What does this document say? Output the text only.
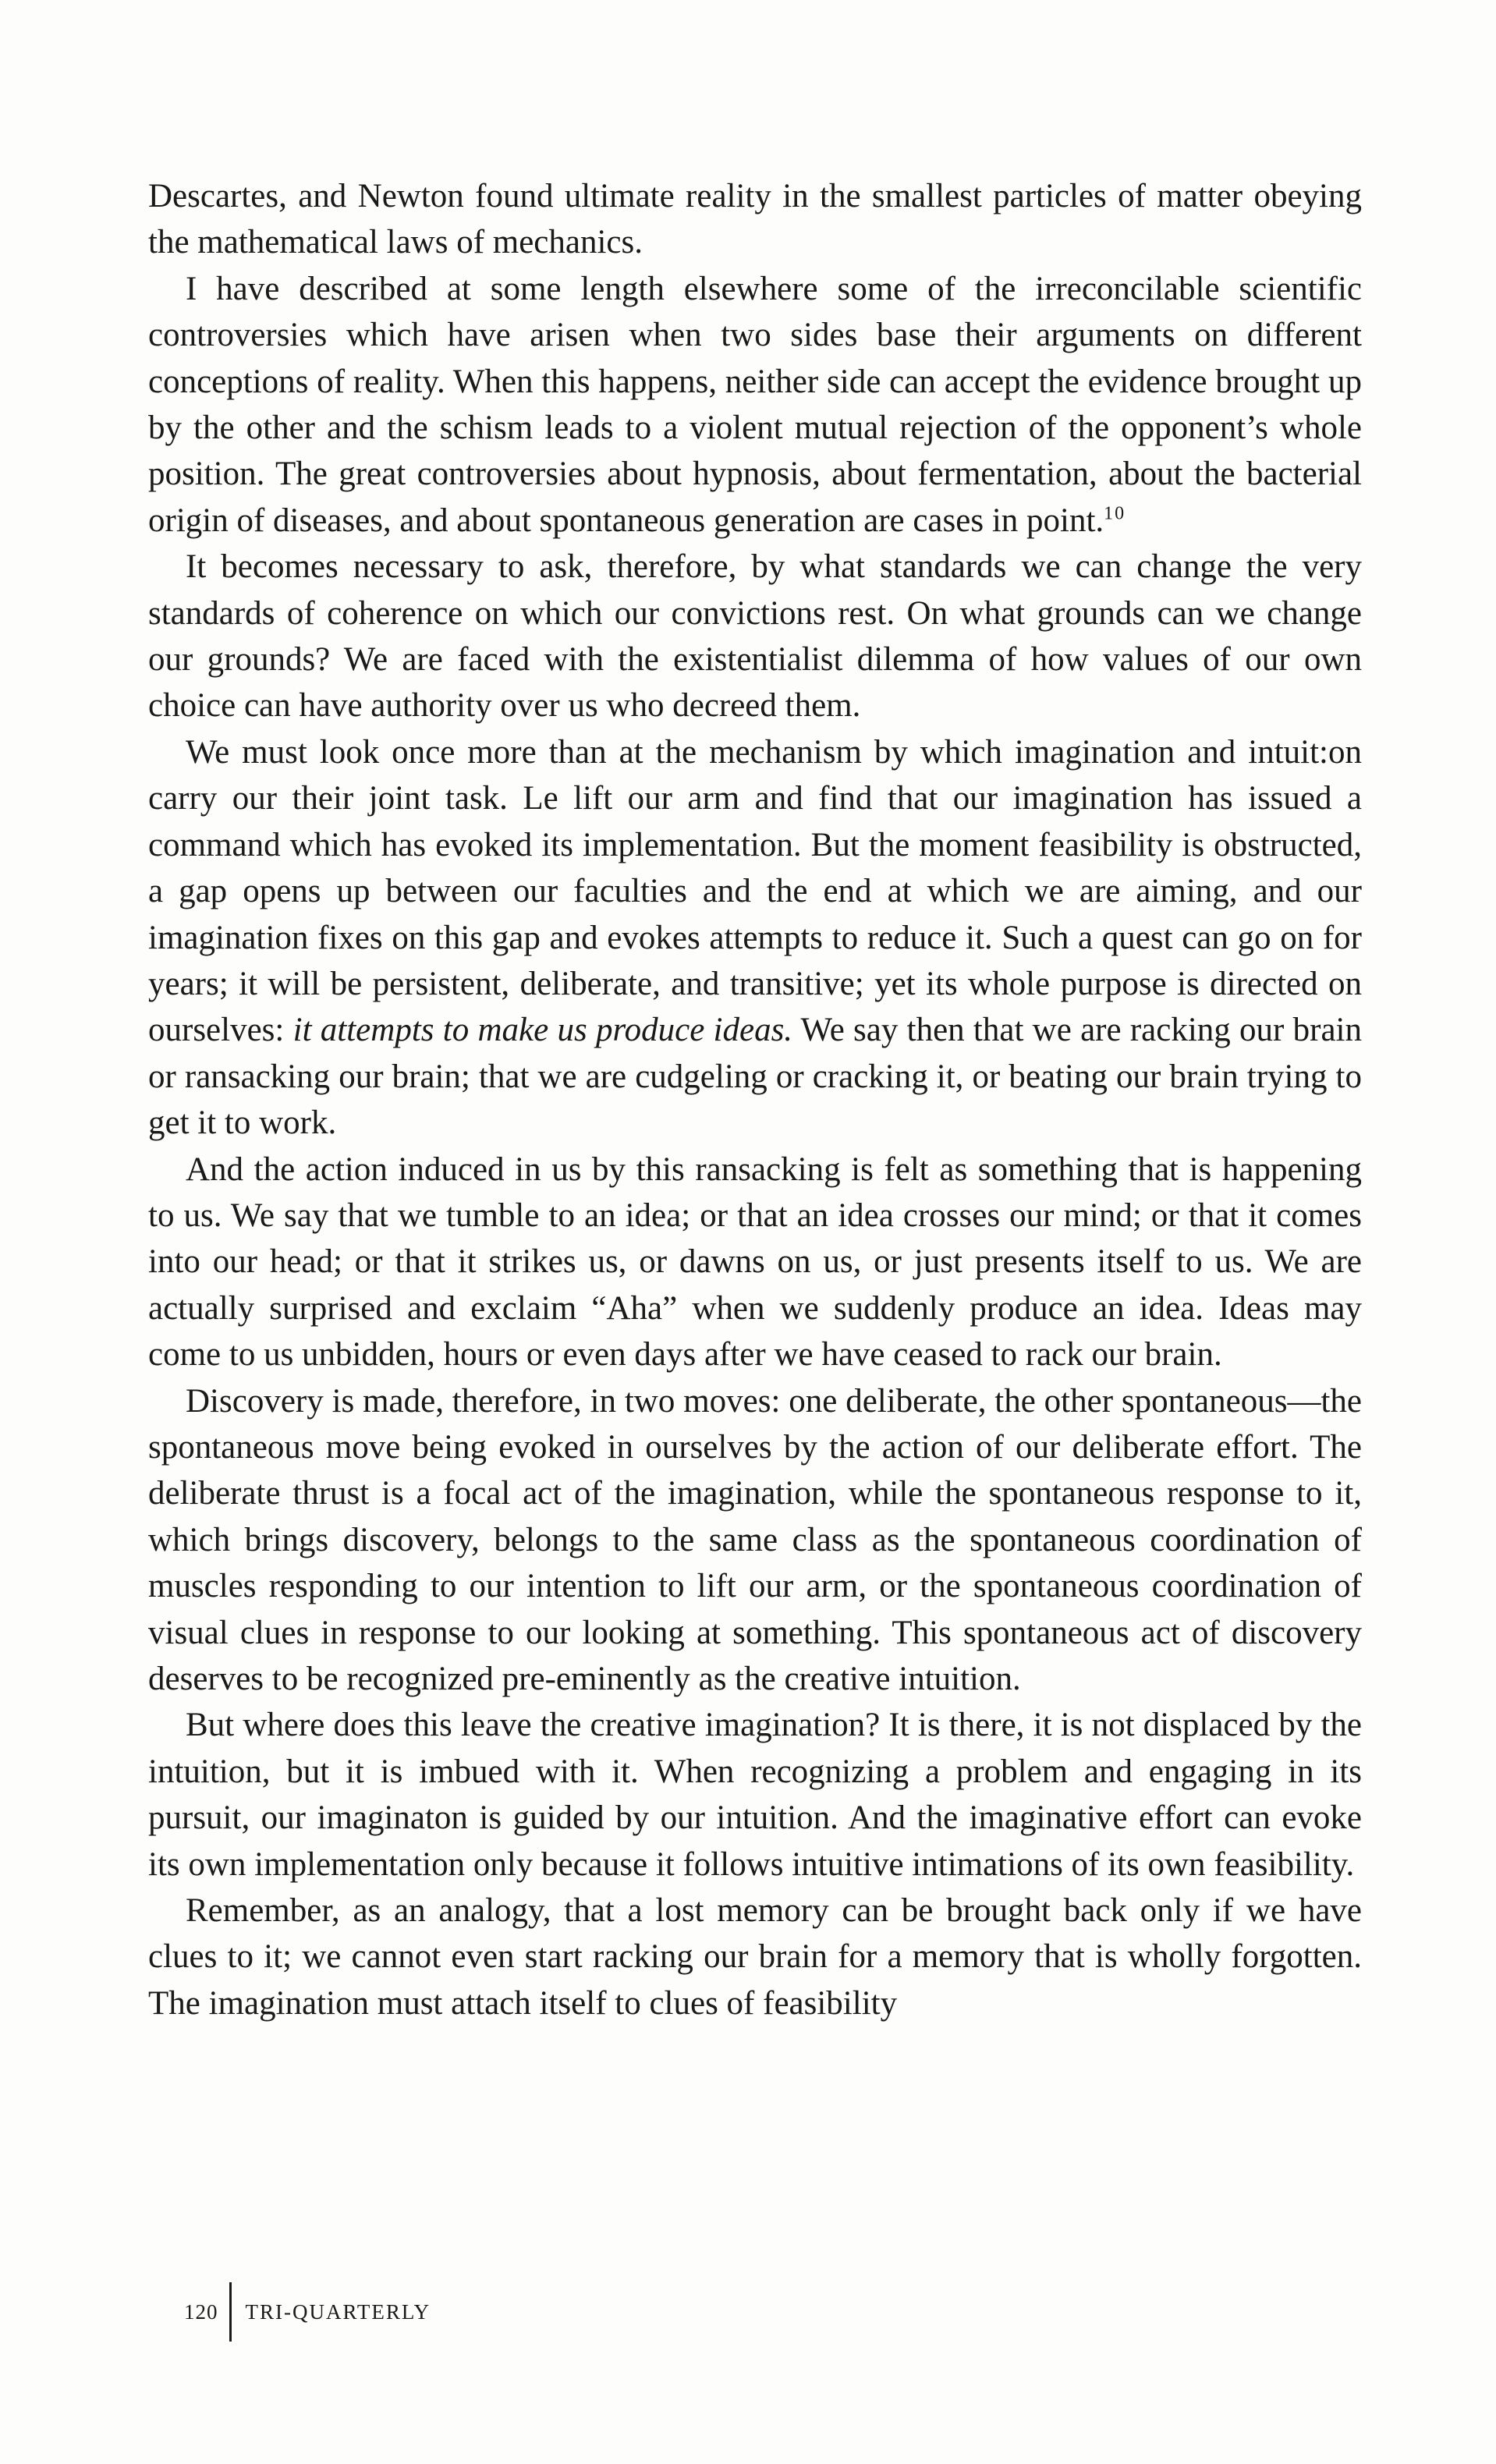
Descartes, and Newton found ultimate reality in the smallest particles of matter obeying the mathematical laws of mechanics.

I have described at some length elsewhere some of the irreconcilable scientific controversies which have arisen when two sides base their arguments on different conceptions of reality. When this happens, neither side can accept the evidence brought up by the other and the schism leads to a violent mutual rejection of the opponent’s whole position. The great controversies about hypnosis, about fermentation, about the bacterial origin of diseases, and about spontaneous generation are cases in point.$^{10}$

It becomes necessary to ask, therefore, by what standards we can change the very standards of coherence on which our convictions rest. On what grounds can we change our grounds? We are faced with the existentialist dilemma of how values of our own choice can have authority over us who decreed them.

We must look once more than at the mechanism by which imagination and intuit:on carry our their joint task. Le lift our arm and find that our imagination has issued a command which has evoked its implementation. But the moment feasibility is obstructed, a gap opens up between our faculties and the end at which we are aiming, and our imagination fixes on this gap and evokes attempts to reduce it. Such a quest can go on for years; it will be persistent, deliberate, and transitive; yet its whole purpose is directed on ourselves: it attempts to make us produce ideas. We say then that we are racking our brain or ransacking our brain; that we are cudgeling or cracking it, or beating our brain trying to get it to work.

And the action induced in us by this ransacking is felt as something that is happening to us. We say that we tumble to an idea; or that an idea crosses our mind; or that it comes into our head; or that it strikes us, or dawns on us, or just presents itself to us. We are actually surprised and exclaim “Aha” when we suddenly produce an idea. Ideas may come to us unbidden, hours or even days after we have ceased to rack our brain.

Discovery is made, therefore, in two moves: one deliberate, the other spontaneous—the spontaneous move being evoked in ourselves by the action of our deliberate effort. The deliberate thrust is a focal act of the imagination, while the spontaneous response to it, which brings discovery, belongs to the same class as the spontaneous coordination of muscles responding to our intention to lift our arm, or the spontaneous coordination of visual clues in response to our looking at something. This spontaneous act of discovery deserves to be recognized pre-eminently as the creative intuition.

But where does this leave the creative imagination? It is there, it is not displaced by the intuition, but it is imbued with it. When recognizing a problem and engaging in its pursuit, our imaginaton is guided by our intuition. And the imaginative effort can evoke its own implementation only because it follows intuitive intimations of its own feasibility.

Remember, as an analogy, that a lost memory can be brought back only if we have clues to it; we cannot even start racking our brain for a memory that is wholly forgotten. The imagination must attach itself to clues of feasibility

120 TRI-QUARTERLY
